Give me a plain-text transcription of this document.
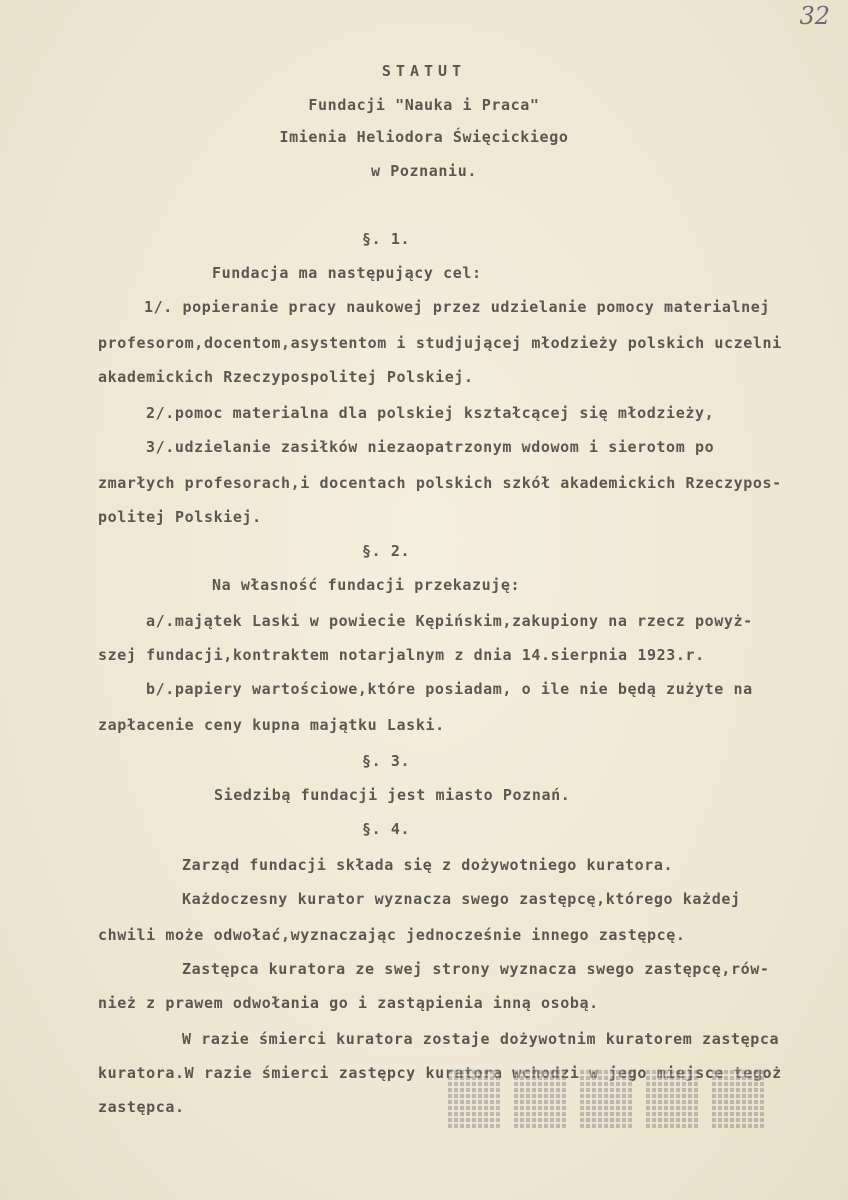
32
STATUT
Fundacji "Nauka i Praca"
Imienia Heliodora Święcickiego
w Poznaniu.
§. 1.
Fundacja ma następujący cel:
1/. popieranie pracy naukowej przez udzielanie pomocy materialnej
profesorom,docentom,asystentom i studjującej młodzieży polskich uczelni
akademickich Rzeczypospolitej Polskiej.
2/.pomoc materialna dla polskiej kształcącej się młodzieży,
3/.udzielanie zasiłków niezaopatrzonym wdowom i sierotom po
zmarłych profesorach,i docentach polskich szkół akademickich Rzeczypos-
politej Polskiej.
§. 2.
Na własność fundacji przekazuję:
a/.majątek Laski w powiecie Kępińskim,zakupiony na rzecz powyż-
szej fundacji,kontraktem notarjalnym z dnia 14.sierpnia 1923.r.
b/.papiery wartościowe,które posiadam, o ile nie będą zużyte na
zapłacenie ceny kupna majątku Laski.
§. 3.
Siedzibą fundacji jest miasto Poznań.
§. 4.
Zarząd fundacji składa się z dożywotniego kuratora.
Każdoczesny kurator wyznacza swego zastępcę,którego każdej
chwili może odwołać,wyznaczając jednocześnie innego zastępcę.
Zastępca kuratora ze swej strony wyznacza swego zastępcę,rów-
nież z prawem odwołania go i zastąpienia inną osobą.
W razie śmierci kuratora zostaje dożywotnim kuratorem zastępca
kuratora.W razie śmierci zastępcy kuratora wchodzi w jego miejsce tegoż
zastępca.
